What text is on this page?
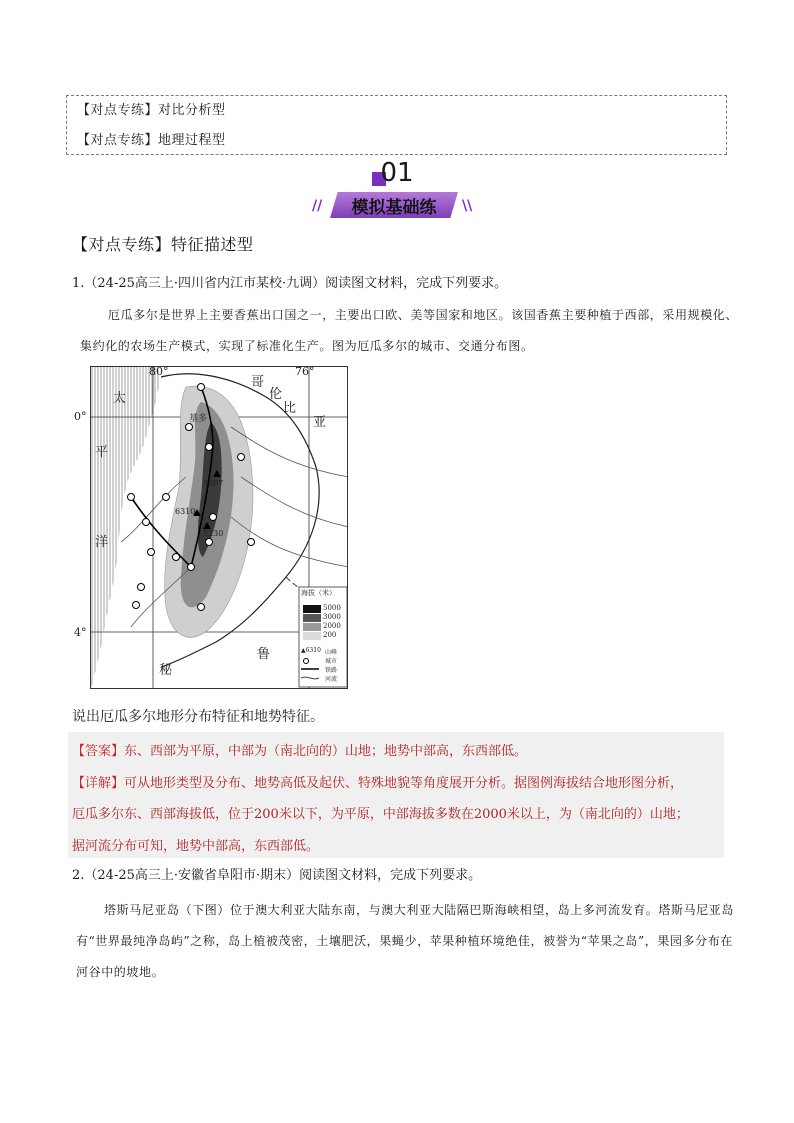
【对点专练】对比分析型
【对点专练】地理过程型
01
//	模拟基础练	\\
【对点专练】特征描述型
1.（24-25高三上·四川省内江市某校·九调）阅读图文材料，完成下列要求。
厄瓜多尔是世界上主要香蕉出口国之一，主要出口欧、美等国家和地区。该国香蕉主要种植于西部，采用规模化、集约化的农场生产模式，实现了标准化生产。图为厄瓜多尔的城市、交通分布图。
80°	76°
太
平
洋
哥
伦
比
亚
基多
5897
6310
5230
秘
鲁
海拔（米）
5000
3000
2000
200
▲6310 山峰
城市
铁路
河流
0°
4°
说出厄瓜多尔地形分布特征和地势特征。
【答案】东、西部为平原，中部为（南北向的）山地；地势中部高，东西部低。
【详解】可从地形类型及分布、地势高低及起伏、特殊地貌等角度展开分析。据图例海拔结合地形图分析，
厄瓜多尔东、西部海拔低，位于200米以下，为平原，中部海拔多数在2000米以上，为（南北向的）山地；
据河流分布可知，地势中部高，东西部低。
2.（24-25高三上·安徽省阜阳市·期末）阅读图文材料，完成下列要求。
塔斯马尼亚岛（下图）位于澳大利亚大陆东南，与澳大利亚大陆隔巴斯海峡相望，岛上多河流发育。塔斯马尼亚岛有“世界最纯净岛屿”之称，岛上植被茂密，土壤肥沃，果蝇少，苹果种植环境绝佳，被誉为“苹果之岛”，果园多分布在河谷中的坡地。
